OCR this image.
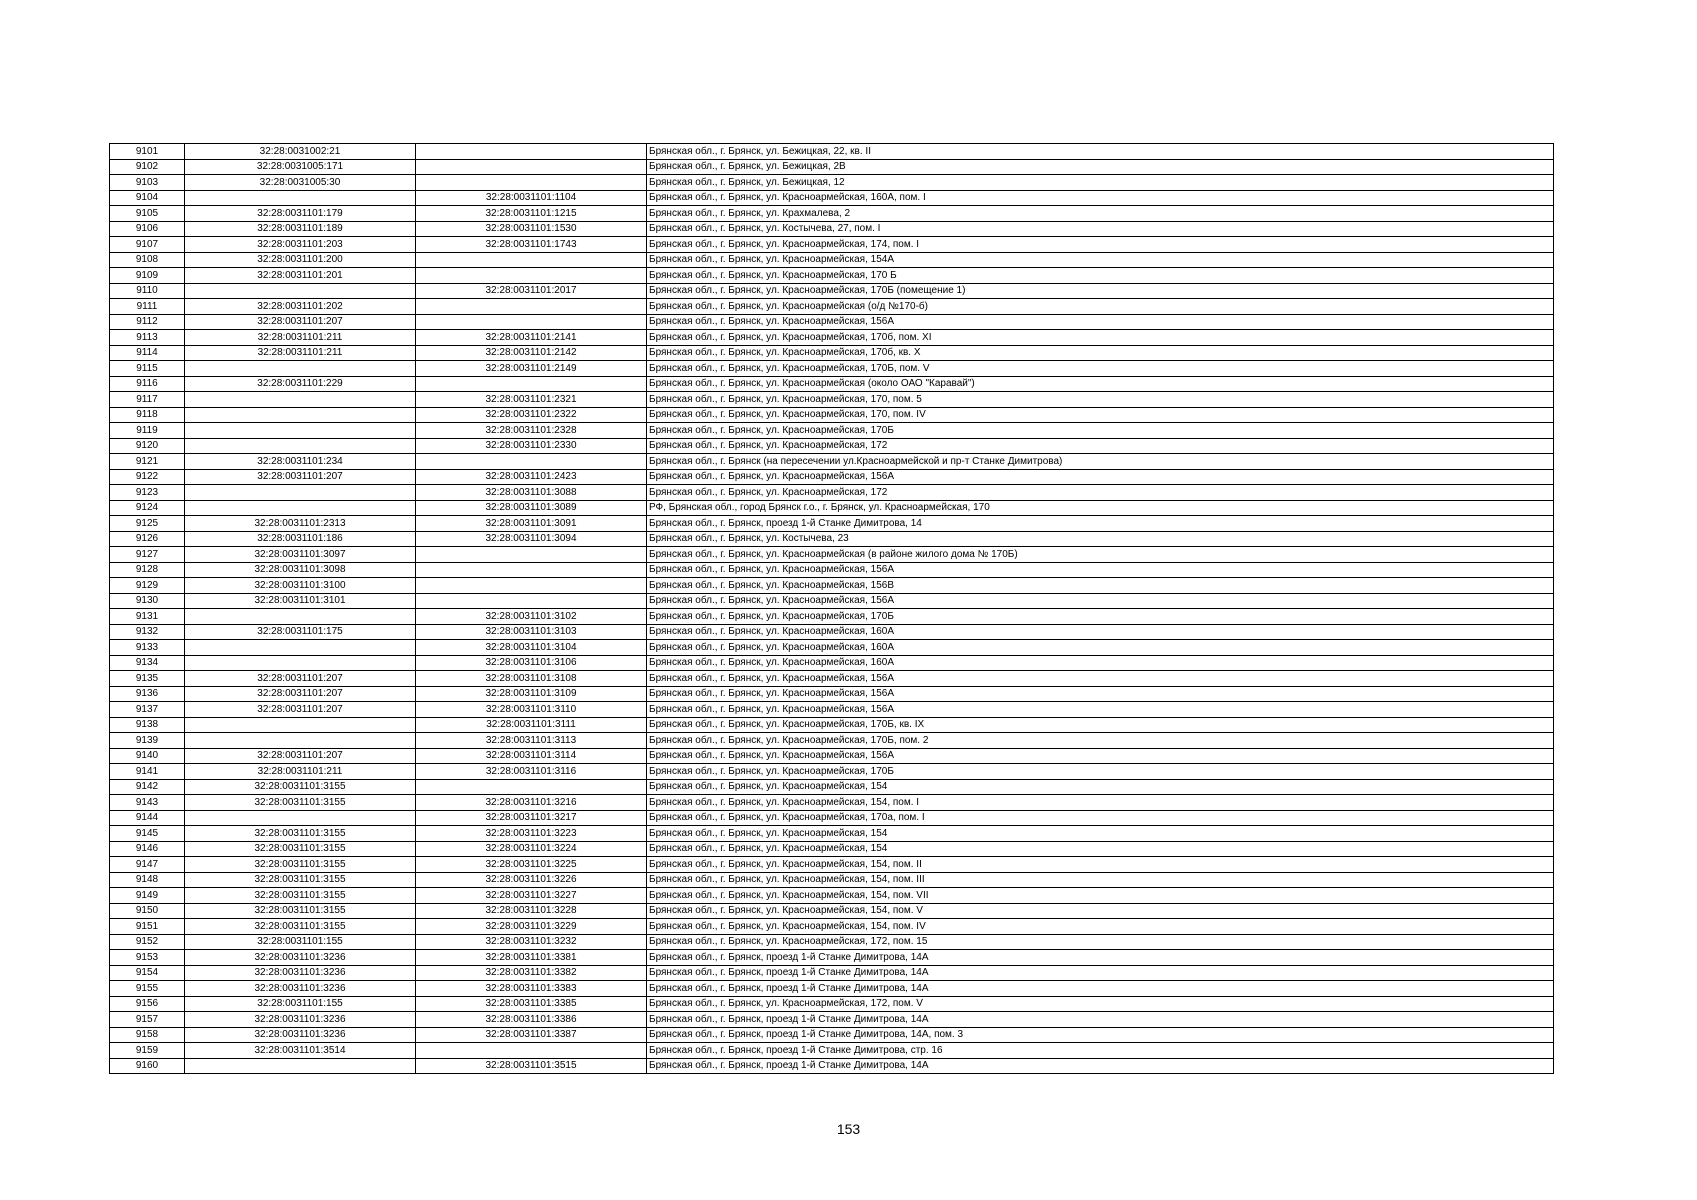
9101	32:28:0031002:21		Брянская обл., г. Брянск, ул. Бежицкая, 22, кв. II
9102	32:28:0031005:171		Брянская обл., г. Брянск, ул. Бежицкая, 2В
9103	32:28:0031005:30		Брянская обл., г. Брянск, ул. Бежицкая, 12
9104		32:28:0031101:1104	Брянская обл., г. Брянск, ул. Красноармейская, 160А, пом. I
9105	32:28:0031101:179	32:28:0031101:1215	Брянская обл., г. Брянск, ул. Крахмалева, 2
9106	32:28:0031101:189	32:28:0031101:1530	Брянская обл., г. Брянск, ул. Костычева, 27, пом. I
9107	32:28:0031101:203	32:28:0031101:1743	Брянская обл., г. Брянск, ул. Красноармейская, 174, пом. I
9108	32:28:0031101:200		Брянская обл., г. Брянск, ул. Красноармейская, 154А
9109	32:28:0031101:201		Брянская обл., г. Брянск, ул. Красноармейская, 170 Б
9110		32:28:0031101:2017	Брянская обл., г. Брянск, ул. Красноармейская, 170Б (помещение 1)
9111	32:28:0031101:202		Брянская обл., г. Брянск, ул. Красноармейская (о/д №170-б)
9112	32:28:0031101:207		Брянская обл., г. Брянск, ул. Красноармейская, 156А
9113	32:28:0031101:211	32:28:0031101:2141	Брянская обл., г. Брянск, ул. Красноармейская, 170б, пом. XI
9114	32:28:0031101:211	32:28:0031101:2142	Брянская обл., г. Брянск, ул. Красноармейская, 170б, кв. X
9115		32:28:0031101:2149	Брянская обл., г. Брянск, ул. Красноармейская, 170Б, пом. V
9116	32:28:0031101:229		Брянская обл., г. Брянск, ул. Красноармейская (около ОАО "Каравай")
9117		32:28:0031101:2321	Брянская обл., г. Брянск, ул. Красноармейская, 170, пом. 5
9118		32:28:0031101:2322	Брянская обл., г. Брянск, ул. Красноармейская, 170, пом. IV
9119		32:28:0031101:2328	Брянская обл., г. Брянск, ул. Красноармейская, 170Б
9120		32:28:0031101:2330	Брянская обл., г. Брянск, ул. Красноармейская, 172
9121	32:28:0031101:234		Брянская обл., г. Брянск (на пересечении ул.Красноармейской и пр-т Станке Димитрова)
9122	32:28:0031101:207	32:28:0031101:2423	Брянская обл., г. Брянск, ул. Красноармейская, 156А
9123		32:28:0031101:3088	Брянская обл., г. Брянск, ул. Красноармейская, 172
9124		32:28:0031101:3089	РФ, Брянская обл., город Брянск г.о., г. Брянск, ул. Красноармейская, 170
9125	32:28:0031101:2313	32:28:0031101:3091	Брянская обл., г. Брянск, проезд 1-й Станке Димитрова, 14
9126	32:28:0031101:186	32:28:0031101:3094	Брянская обл., г. Брянск, ул. Костычева, 23
9127	32:28:0031101:3097		Брянская обл., г. Брянск, ул. Красноармейская (в районе жилого дома № 170Б)
9128	32:28:0031101:3098		Брянская обл., г. Брянск, ул. Красноармейская, 156А
9129	32:28:0031101:3100		Брянская обл., г. Брянск, ул. Красноармейская, 156В
9130	32:28:0031101:3101		Брянская обл., г. Брянск, ул. Красноармейская, 156А
9131		32:28:0031101:3102	Брянская обл., г. Брянск, ул. Красноармейская, 170Б
9132	32:28:0031101:175	32:28:0031101:3103	Брянская обл., г. Брянск, ул. Красноармейская, 160А
9133		32:28:0031101:3104	Брянская обл., г. Брянск, ул. Красноармейская, 160А
9134		32:28:0031101:3106	Брянская обл., г. Брянск, ул. Красноармейская, 160А
9135	32:28:0031101:207	32:28:0031101:3108	Брянская обл., г. Брянск, ул. Красноармейская, 156А
9136	32:28:0031101:207	32:28:0031101:3109	Брянская обл., г. Брянск, ул. Красноармейская, 156А
9137	32:28:0031101:207	32:28:0031101:3110	Брянская обл., г. Брянск, ул. Красноармейская, 156А
9138		32:28:0031101:3111	Брянская обл., г. Брянск, ул. Красноармейская, 170Б, кв. IX
9139		32:28:0031101:3113	Брянская обл., г. Брянск, ул. Красноармейская, 170Б, пом. 2
9140	32:28:0031101:207	32:28:0031101:3114	Брянская обл., г. Брянск, ул. Красноармейская, 156А
9141	32:28:0031101:211	32:28:0031101:3116	Брянская обл., г. Брянск, ул. Красноармейская, 170Б
9142	32:28:0031101:3155		Брянская обл., г. Брянск, ул. Красноармейская, 154
9143	32:28:0031101:3155	32:28:0031101:3216	Брянская обл., г. Брянск, ул. Красноармейская, 154, пом. I
9144		32:28:0031101:3217	Брянская обл., г. Брянск, ул. Красноармейская, 170а, пом. I
9145	32:28:0031101:3155	32:28:0031101:3223	Брянская обл., г. Брянск, ул. Красноармейская, 154
9146	32:28:0031101:3155	32:28:0031101:3224	Брянская обл., г. Брянск, ул. Красноармейская, 154
9147	32:28:0031101:3155	32:28:0031101:3225	Брянская обл., г. Брянск, ул. Красноармейская, 154, пом. II
9148	32:28:0031101:3155	32:28:0031101:3226	Брянская обл., г. Брянск, ул. Красноармейская, 154, пом. III
9149	32:28:0031101:3155	32:28:0031101:3227	Брянская обл., г. Брянск, ул. Красноармейская, 154, пом. VII
9150	32:28:0031101:3155	32:28:0031101:3228	Брянская обл., г. Брянск, ул. Красноармейская, 154, пом. V
9151	32:28:0031101:3155	32:28:0031101:3229	Брянская обл., г. Брянск, ул. Красноармейская, 154, пом. IV
9152	32:28:0031101:155	32:28:0031101:3232	Брянская обл., г. Брянск, ул. Красноармейская, 172, пом. 15
9153	32:28:0031101:3236	32:28:0031101:3381	Брянская обл., г. Брянск, проезд 1-й Станке Димитрова, 14А
9154	32:28:0031101:3236	32:28:0031101:3382	Брянская обл., г. Брянск, проезд 1-й Станке Димитрова, 14А
9155	32:28:0031101:3236	32:28:0031101:3383	Брянская обл., г. Брянск, проезд 1-й Станке Димитрова, 14А
9156	32:28:0031101:155	32:28:0031101:3385	Брянская обл., г. Брянск, ул. Красноармейская, 172, пом. V
9157	32:28:0031101:3236	32:28:0031101:3386	Брянская обл., г. Брянск, проезд 1-й Станке Димитрова, 14А
9158	32:28:0031101:3236	32:28:0031101:3387	Брянская обл., г. Брянск, проезд 1-й Станке Димитрова, 14А, пом. 3
9159	32:28:0031101:3514		Брянская обл., г. Брянск, проезд 1-й Станке Димитрова, стр. 16
9160		32:28:0031101:3515	Брянская обл., г. Брянск, проезд 1-й Станке Димитрова, 14А
153
